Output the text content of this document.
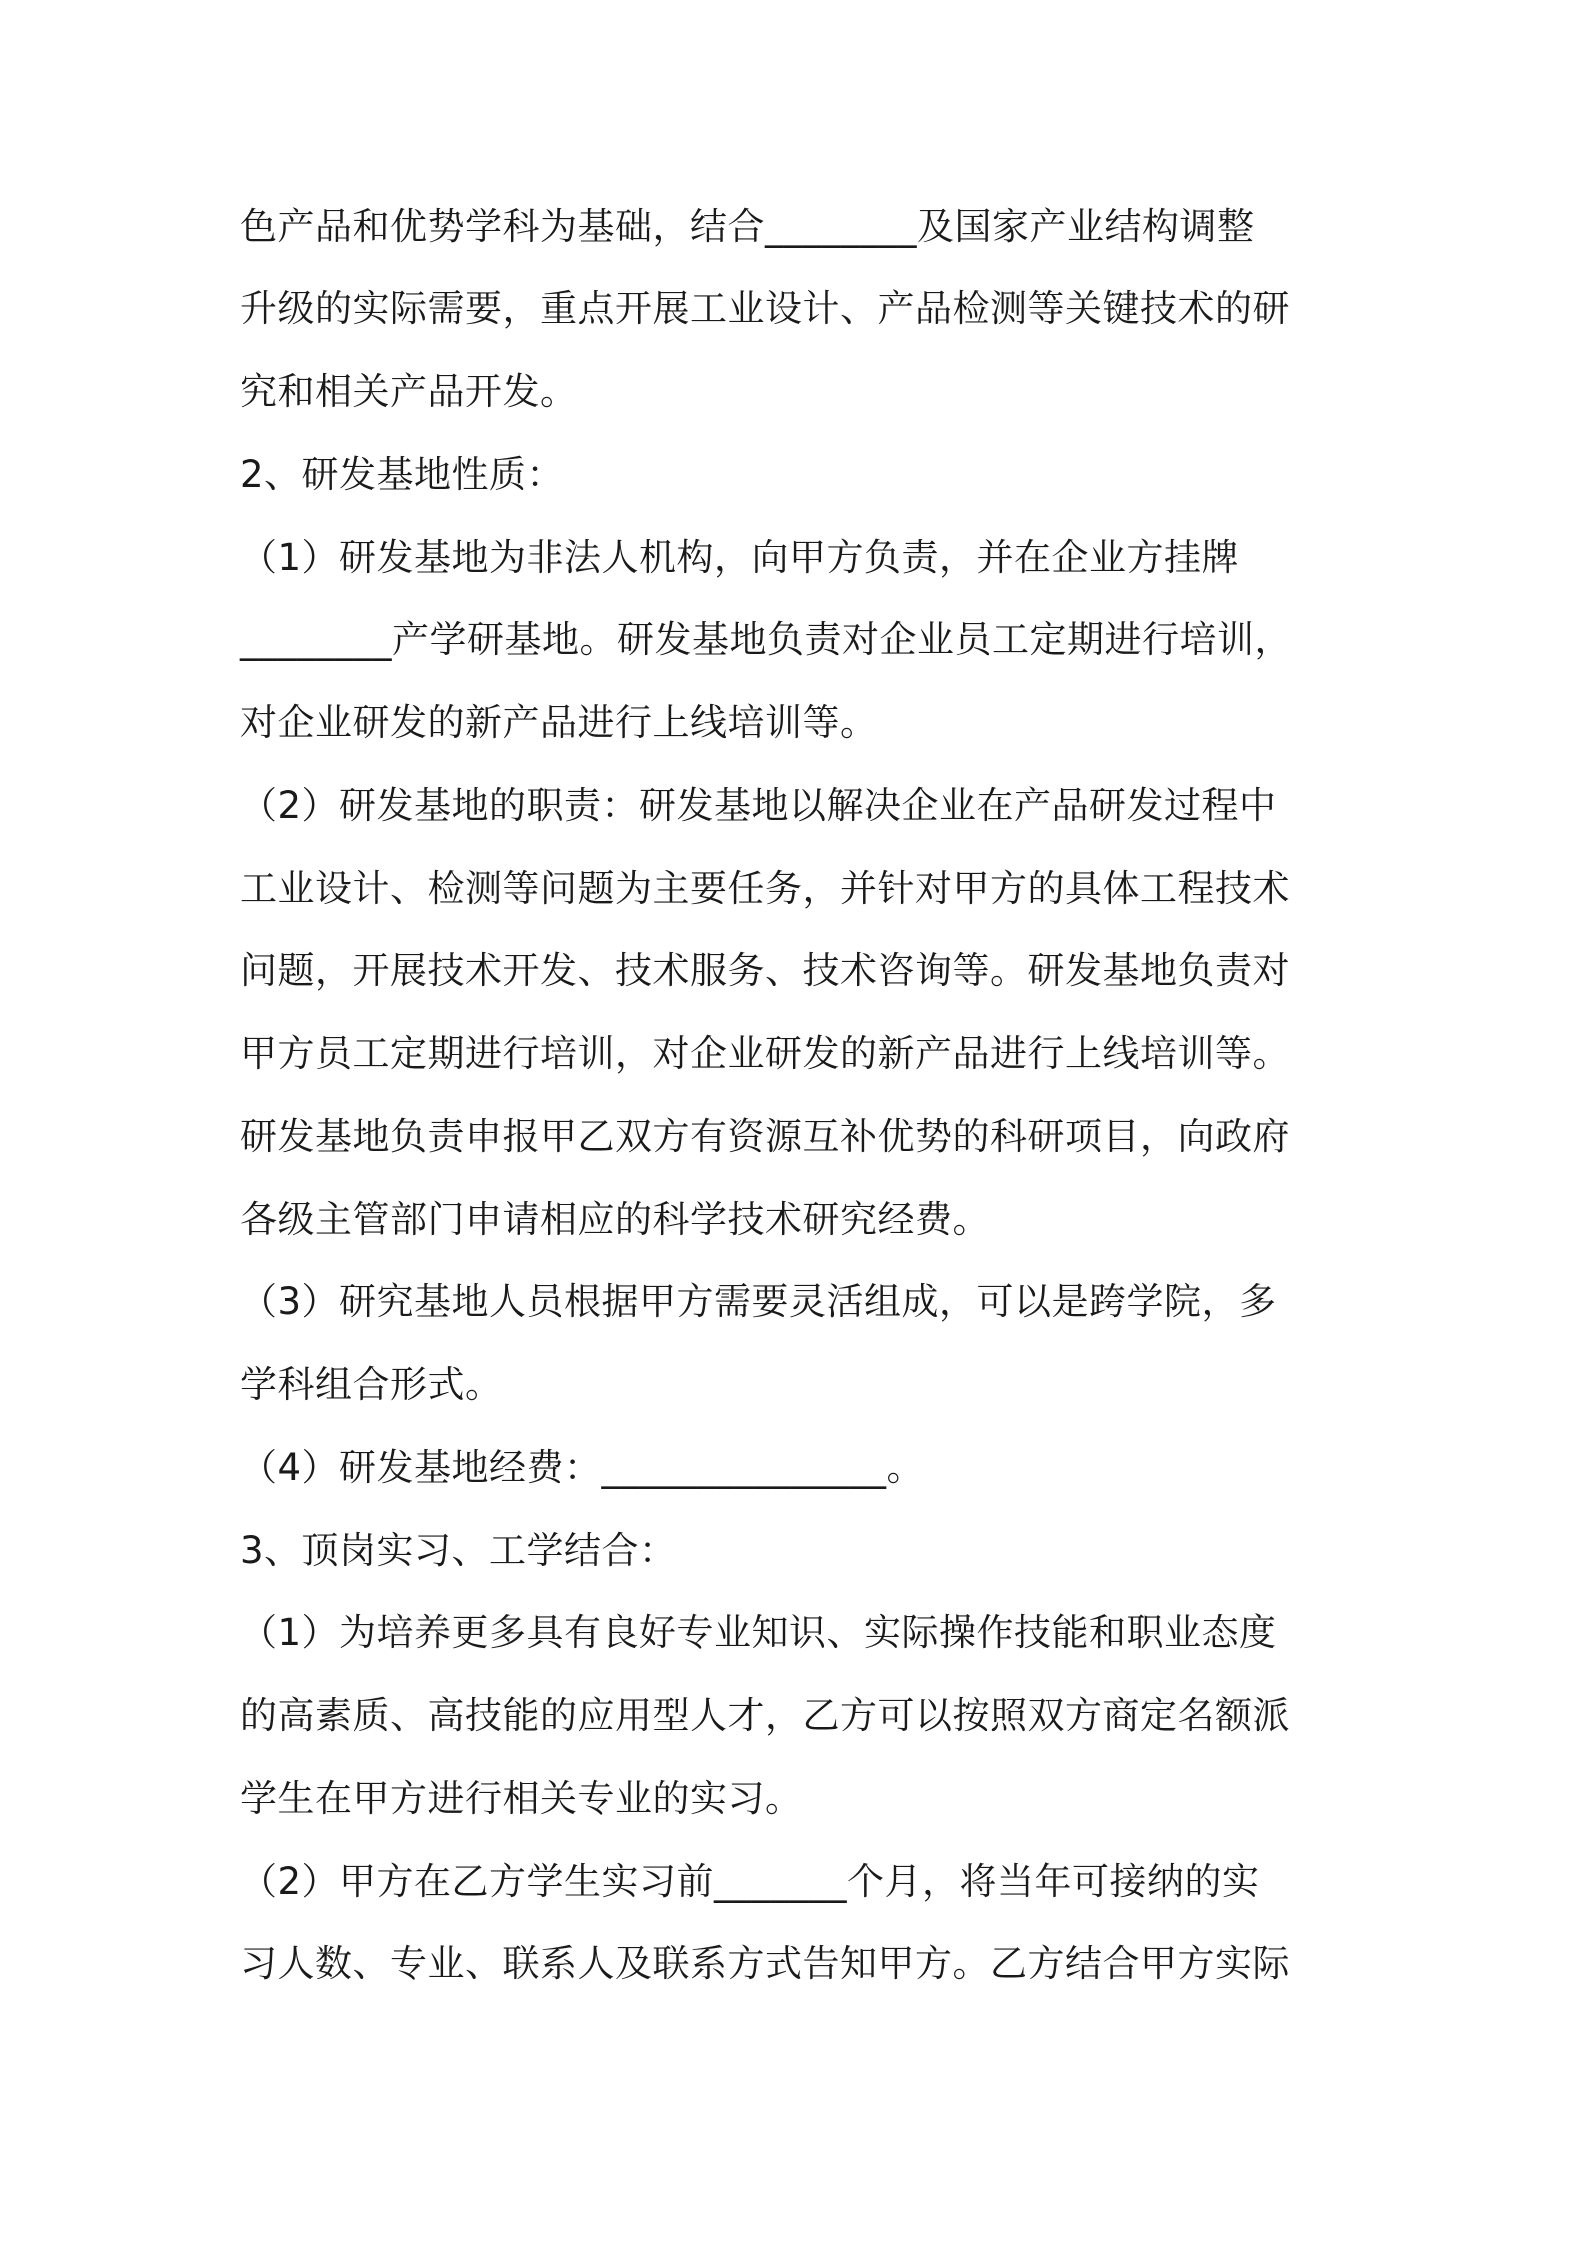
色产品和优势学科为基础，结合________及国家产业结构调整
升级的实际需要，重点开展工业设计、产品检测等关键技术的研
究和相关产品开发。
2、研发基地性质：
（1）研发基地为非法人机构，向甲方负责，并在企业方挂牌
________产学研基地。研发基地负责对企业员工定期进行培训，
对企业研发的新产品进行上线培训等。
（2）研发基地的职责：研发基地以解决企业在产品研发过程中
工业设计、检测等问题为主要任务，并针对甲方的具体工程技术
问题，开展技术开发、技术服务、技术咨询等。研发基地负责对
甲方员工定期进行培训，对企业研发的新产品进行上线培训等。
研发基地负责申报甲乙双方有资源互补优势的科研项目，向政府
各级主管部门申请相应的科学技术研究经费。
（3）研究基地人员根据甲方需要灵活组成，可以是跨学院，多
学科组合形式。
（4）研发基地经费：_______________。
3、顶岗实习、工学结合：
（1）为培养更多具有良好专业知识、实际操作技能和职业态度
的高素质、高技能的应用型人才，乙方可以按照双方商定名额派
学生在甲方进行相关专业的实习。
（2）甲方在乙方学生实习前_______个月，将当年可接纳的实
习人数、专业、联系人及联系方式告知甲方。乙方结合甲方实际
